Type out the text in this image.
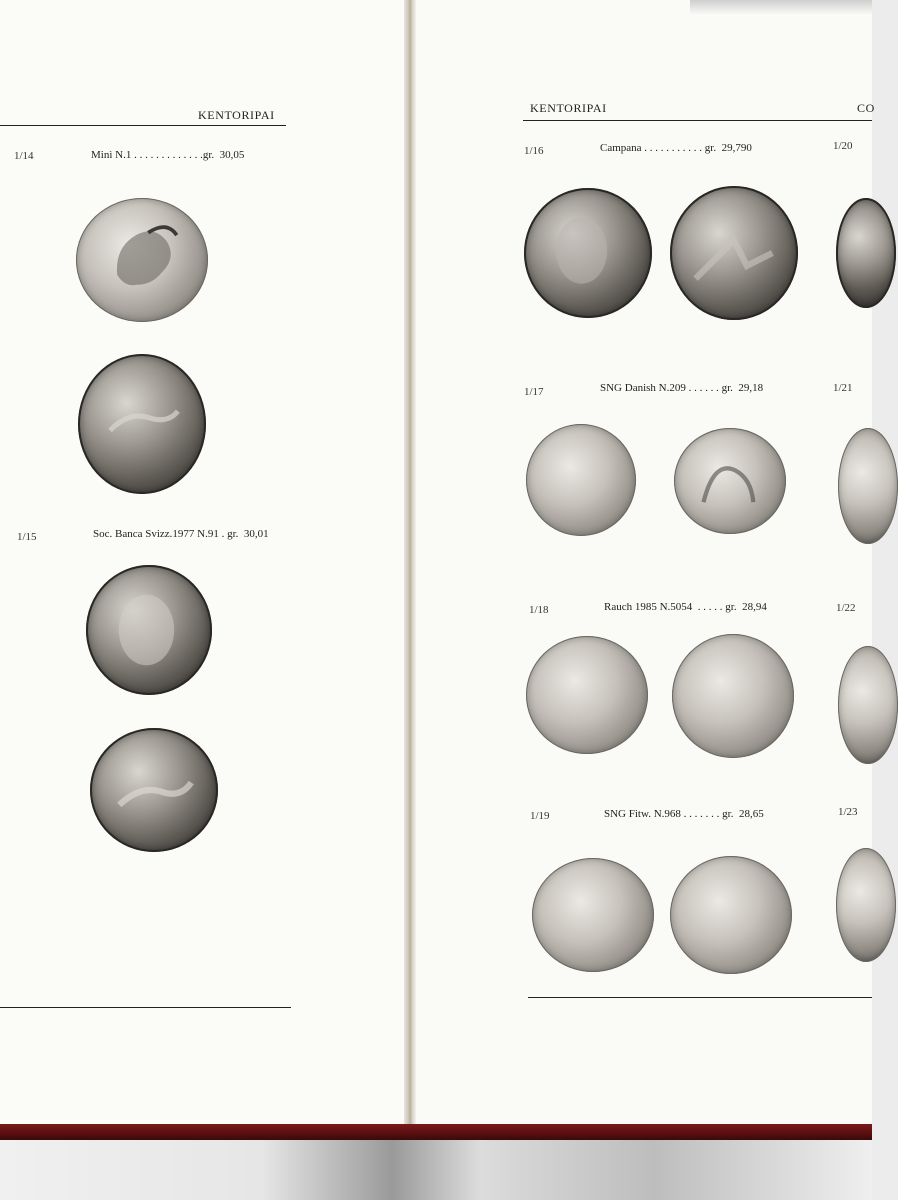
KENTORIPAI
1/14	Minì N.1 . . . . . . . . . . . . .gr.  30,05
1/15	Soc. Banca Svizz.1977 N.91 . gr.  30,01
KENTORIPAI	CO
1/16	Campana . . . . . . . . . . . gr.  29,790	1/20
1/17	SNG Danish N.209 . . . . . . gr.  29,18	1/21
1/18	Rauch 1985 N.5054  . . . . . gr.  28,94	1/22
1/19	SNG Fitw. N.968 . . . . . . . gr.  28,65	1/23
